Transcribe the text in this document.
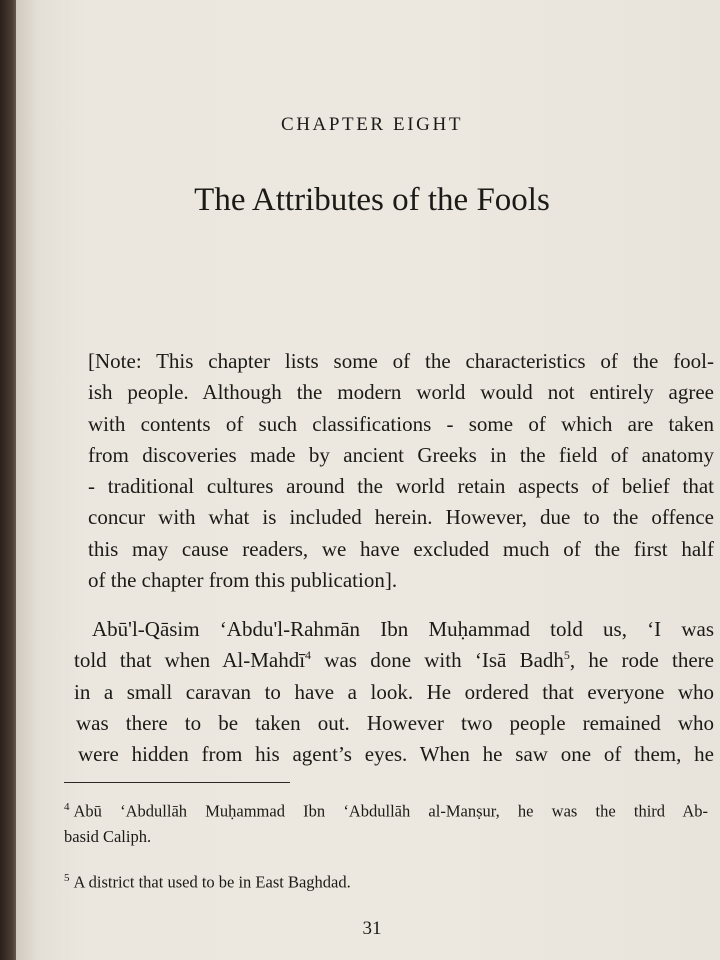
CHAPTER EIGHT
The Attributes of the Fools

[Note: This chapter lists some of the characteristics of the fool-
ish people. Although the modern world would not entirely agree
with contents of such classifications - some of which are taken
from discoveries made by ancient Greeks in the field of anatomy
- traditional cultures around the world retain aspects of belief that
concur with what is included herein. However, due to the offence
this may cause readers, we have excluded much of the first half
of the chapter from this publication].

Abū'l-Qāsim ‘Abdu'l-Rahmān Ibn Muḥammad told us, ‘I was
told that when Al-Mahdī$^4$ was done with ‘Isā Badh$^5$, he rode there
in a small caravan to have a look. He ordered that everyone who
was there to be taken out. However two people remained who
were hidden from his agent’s eyes. When he saw one of them, he

$^4$ Abū ‘Abdullāh Muḥammad Ibn ‘Abdullāh al-Manṣur, he was the third Ab-
basid Caliph.
$^5$ A district that used to be in East Baghdad.
31
